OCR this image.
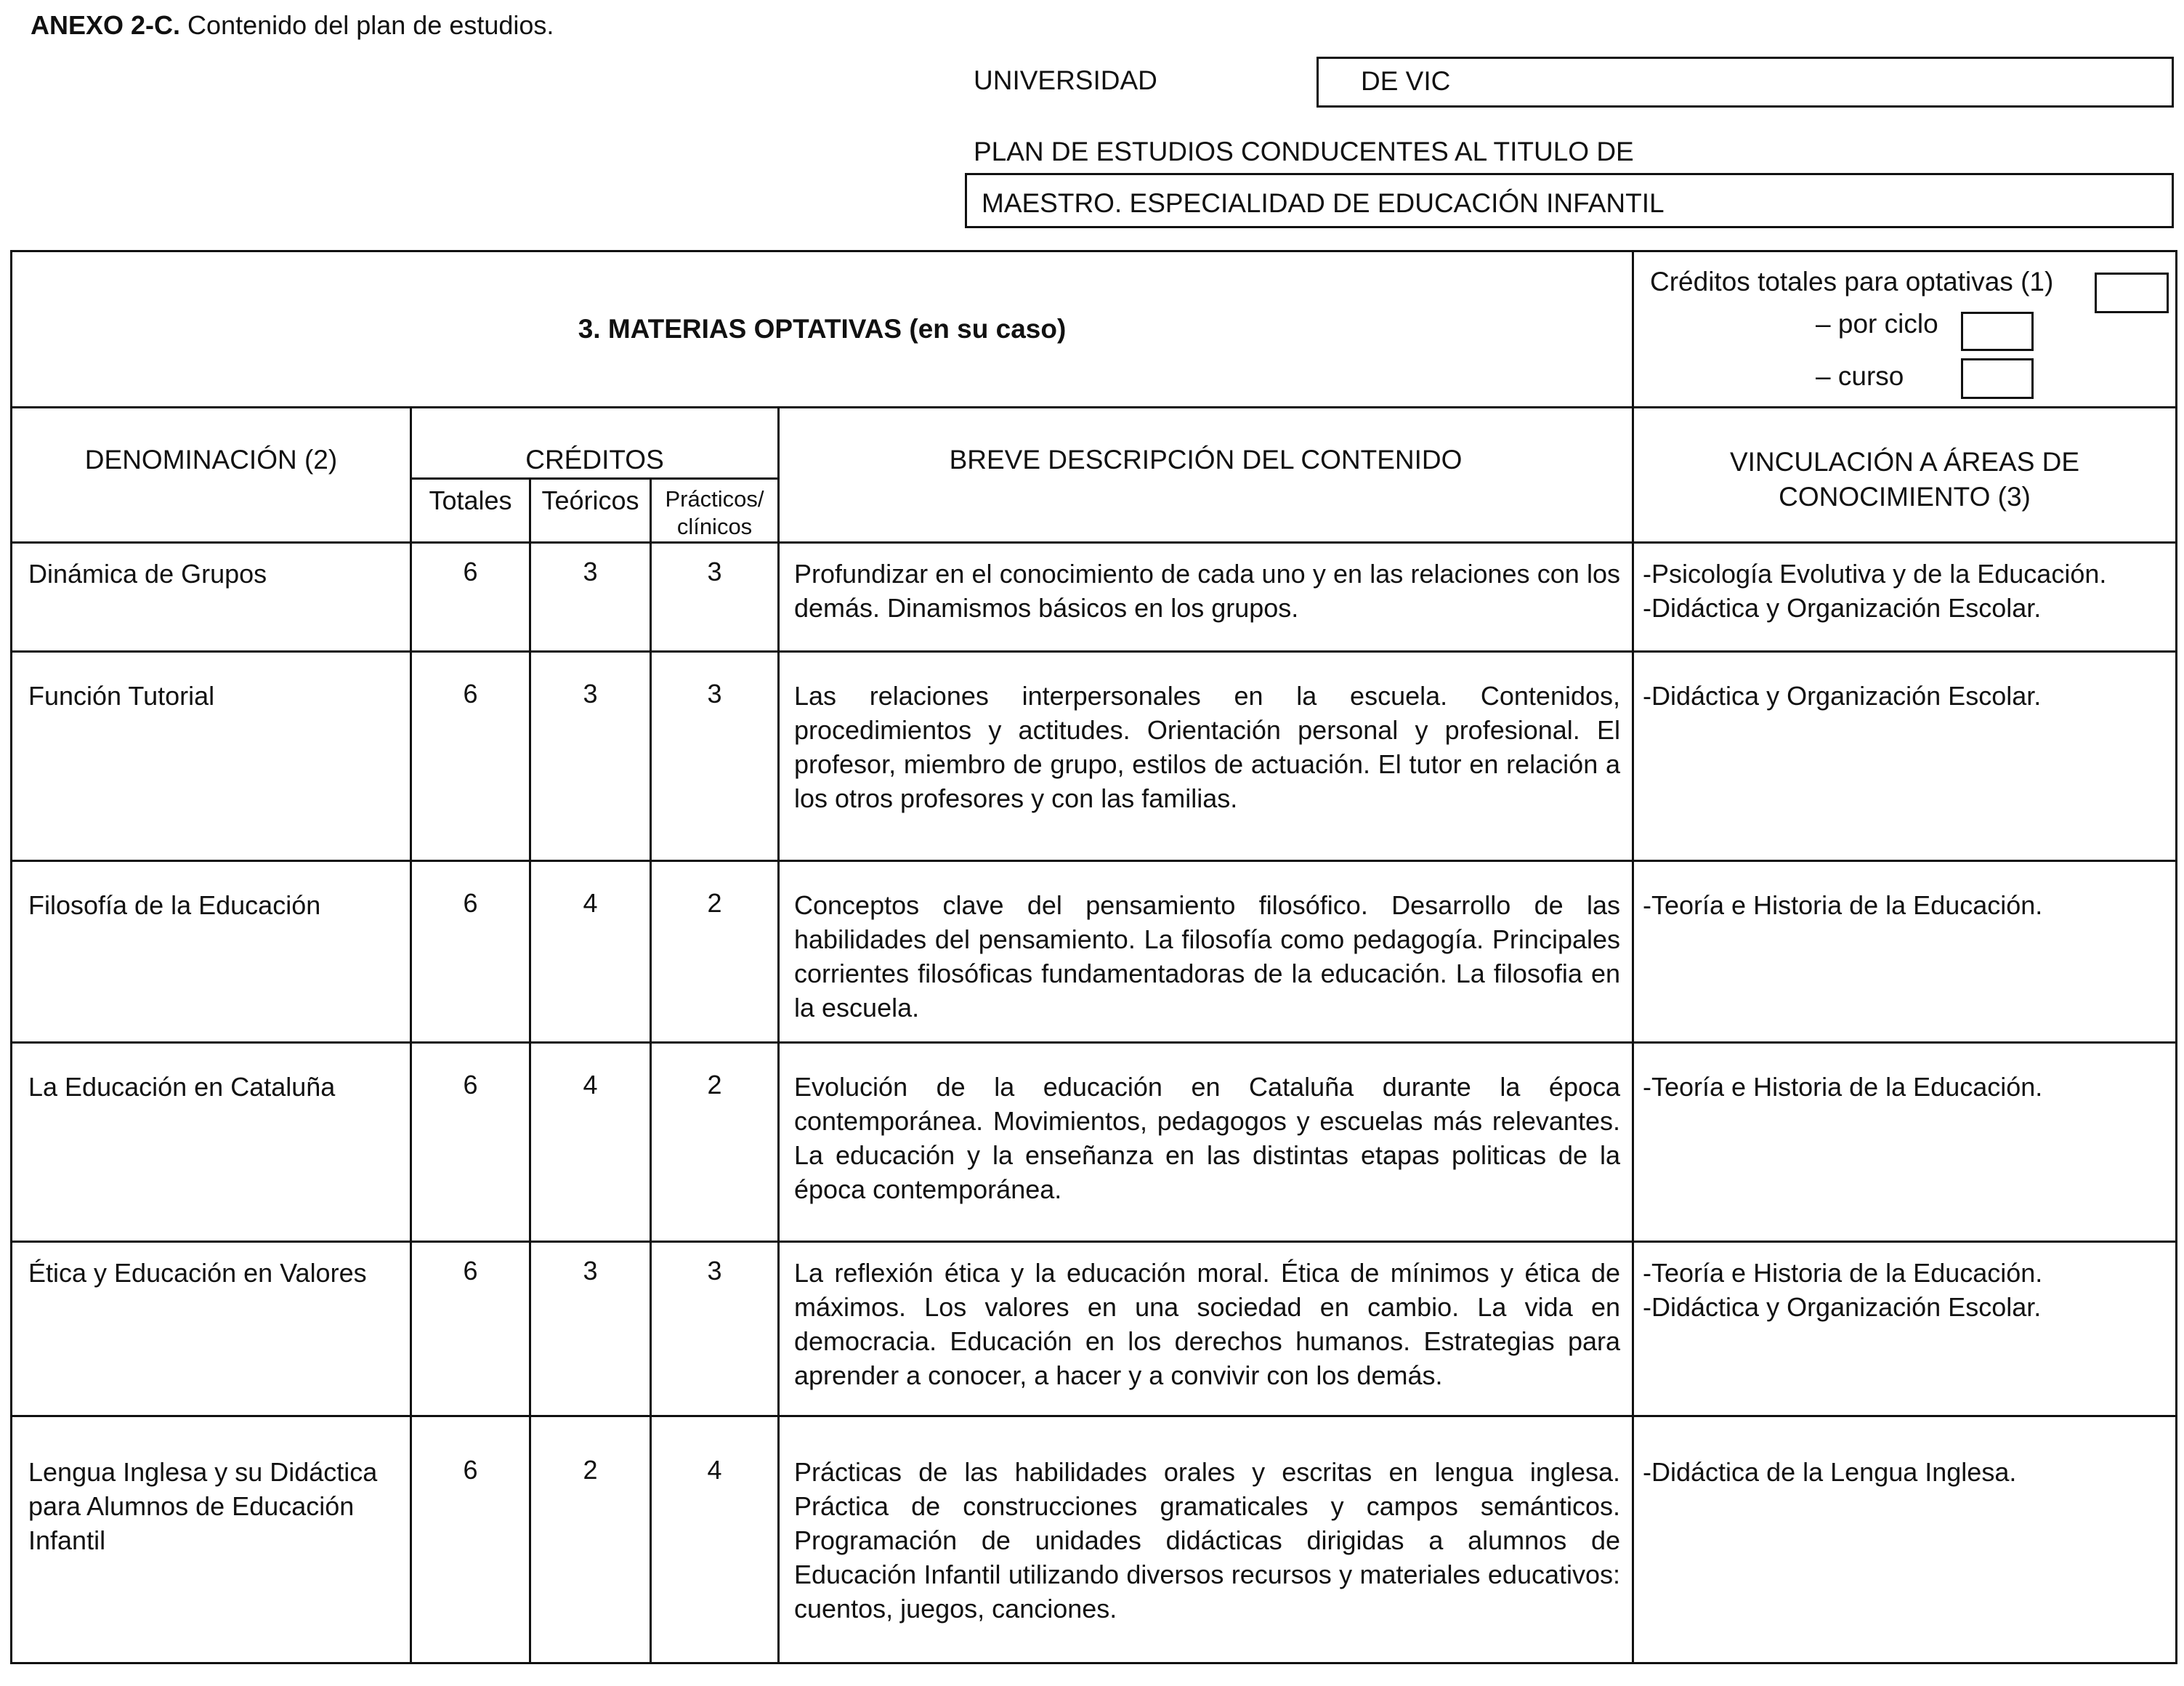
ANEXO 2-C. Contenido del plan de estudios.
UNIVERSIDAD	DE VIC
PLAN DE ESTUDIOS CONDUCENTES AL TITULO DE
MAESTRO. ESPECIALIDAD DE EDUCACIÓN INFANTIL
3. MATERIAS OPTATIVAS (en su caso)					Créditos totales para optativas (1)
– por ciclo
– curso

DENOMINACIÓN (2)	CRÉDITOS			BREVE DESCRIPCIÓN DEL CONTENIDO	VINCULACIÓN A ÁREAS DE CONOCIMIENTO (3)
	Totales	Teóricos	Prácticos/ clínicos		
Dinámica de Grupos	6	3	3	Profundizar en el conocimiento de cada uno y en las relaciones con los demás. Dinamismos básicos en los grupos.	-Psicología Evolutiva y de la Educación.
-Didáctica y Organización Escolar.

Función Tutorial	6	3	3	Las relaciones interpersonales en la escuela. Contenidos, procedimientos y actitudes. Orientación personal y profesional. El profesor, miembro de grupo, estilos de actuación. El tutor en relación a los otros profesores y con las familias.	-Didáctica y Organización Escolar.

Filosofía de la Educación	6	4	2	Conceptos clave del pensamiento filosófico. Desarrollo de las habilidades del pensamiento. La filosofía como pedagogía. Principales corrientes filosóficas fundamentadoras de la educación. La filosofia en la escuela.	-Teoría e Historia de la Educación.

La Educación en Cataluña	6	4	2	Evolución de la educación en Cataluña durante la época contemporánea. Movimientos, pedagogos y escuelas más relevantes. La educación y la enseñanza en las distintas etapas politicas de la época contemporánea.	-Teoría e Historia de la Educación.

Ética y Educación en Valores	6	3	3	La reflexión ética y la educación moral. Ética de mínimos y ética de máximos. Los valores en una sociedad en cambio. La vida en democracia. Educación en los derechos humanos. Estrategias para aprender a conocer, a hacer y a convivir con los demás.	-Teoría e Historia de la Educación.
-Didáctica y Organización Escolar.

Lengua Inglesa y su Didáctica para Alumnos de Educación Infantil	6	2	4	Prácticas de las habilidades orales y escritas en lengua inglesa. Práctica de construcciones gramaticales y campos semánticos. Programación de unidades didácticas dirigidas a alumnos de Educación Infantil utilizando diversos recursos y materiales educativos: cuentos, juegos, canciones.	-Didáctica de la Lengua Inglesa.
